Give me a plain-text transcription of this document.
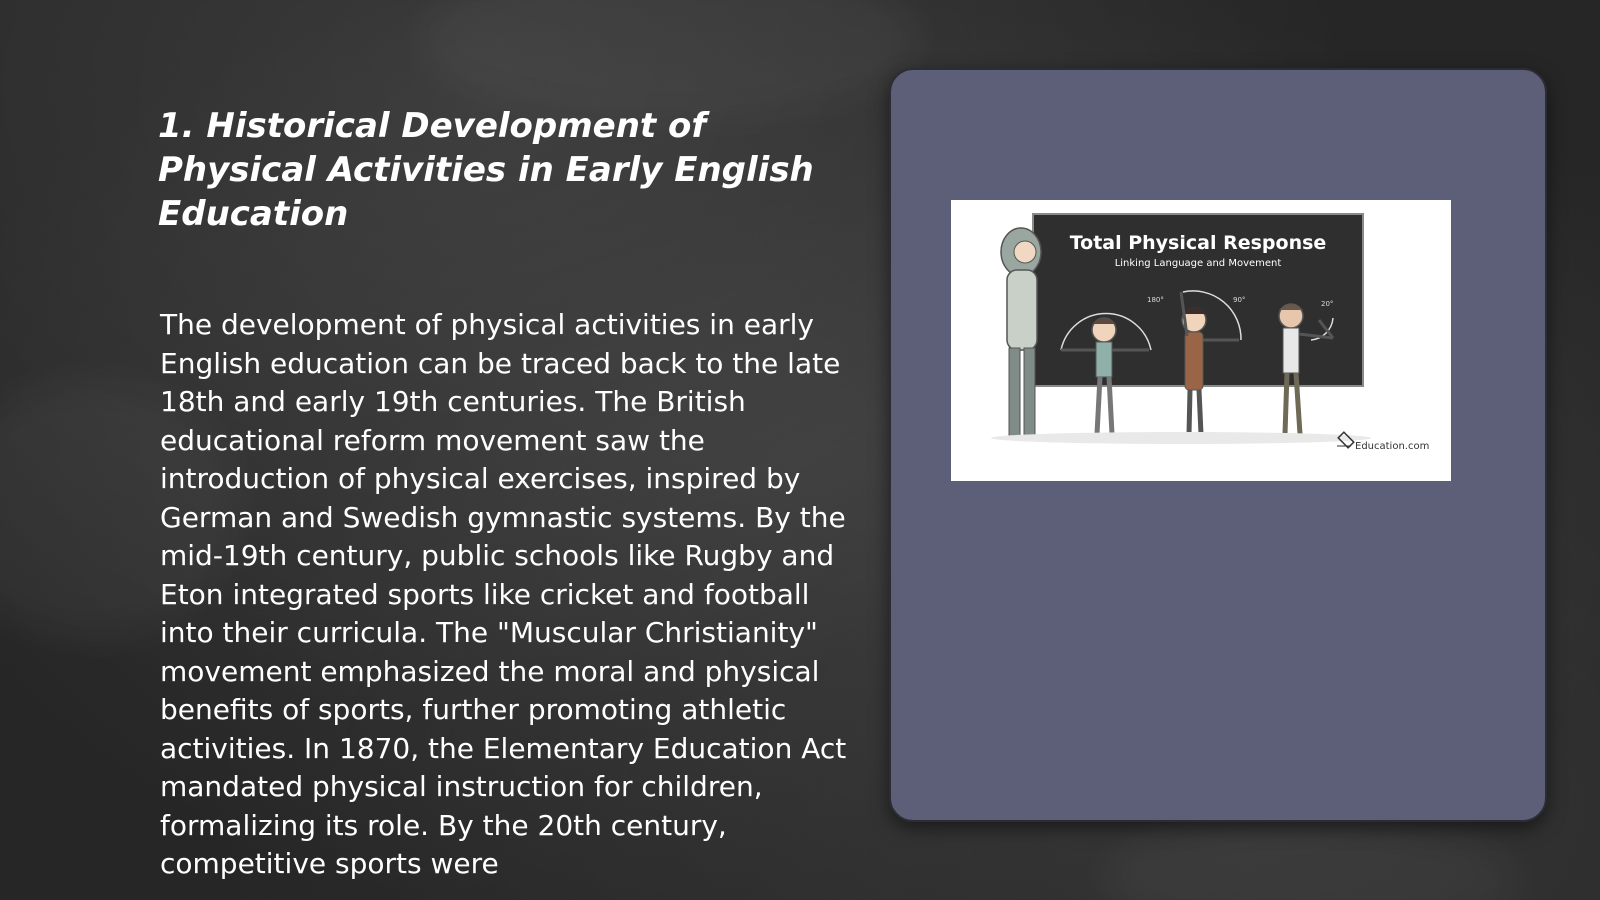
1. Historical Development of Physical Activities in Early English Education

The development of physical activities in early English education can be traced back to the late 18th and early 19th centuries. The British educational reform movement saw the introduction of physical exercises, inspired by German and Swedish gymnastic systems. By the mid-19th century, public schools like Rugby and Eton integrated sports like cricket and football into their curricula. The "Muscular Christianity" movement emphasized the moral and physical benefits of sports, further promoting athletic activities. In 1870, the Elementary Education Act mandated physical instruction for children, formalizing its role. By the 20th century, competitive sports were

Total Physical Response
Linking Language and Movement
180°	90°	20°
Education.com
